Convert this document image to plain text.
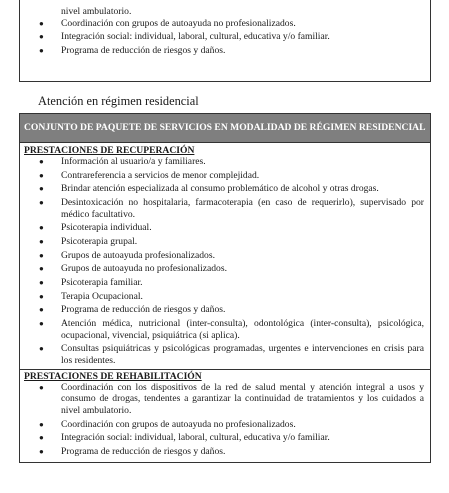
nivel ambulatorio.

● Coordinación con grupos de autoayuda no profesionalizados.
● Integración social: individual, laboral, cultural, educativa y/o familiar.
● Programa de reducción de riesgos y daños.
Atención en régimen residencial
CONJUNTO DE PAQUETE DE SERVICIOS EN MODALIDAD DE RÉGIMEN RESIDENCIAL

PRESTACIONES DE RECUPERACIÓN

● Información al usuario/a y familiares.
● Contrareferencia a servicios de menor complejidad.
● Brindar atención especializada al consumo problemático de alcohol y otras drogas.
● Desintoxicación no hospitalaria, farmacoterapia (en caso de requerirlo), supervisado por médico facultativo.
● Psicoterapia individual.
● Psicoterapia grupal.
● Grupos de autoayuda profesionalizados.
● Grupos de autoayuda no profesionalizados.
● Psicoterapia familiar.
● Terapia Ocupacional.
● Programa de reducción de riesgos y daños.
● Atención médica, nutricional (inter-consulta), odontológica (inter-consulta), psicológica, ocupacional, vivencial, psiquiátrica (si aplica).
● Consultas psiquiátricas y psicológicas programadas, urgentes e intervenciones en crisis para los residentes.

PRESTACIONES DE REHABILITACIÓN

● Coordinación con los dispositivos de la red de salud mental y atención integral a usos y consumo de drogas, tendentes a garantizar la continuidad de tratamientos y los cuidados a nivel ambulatorio.
● Coordinación con grupos de autoayuda no profesionalizados.
● Integración social: individual, laboral, cultural, educativa y/o familiar.
● Programa de reducción de riesgos y daños.
